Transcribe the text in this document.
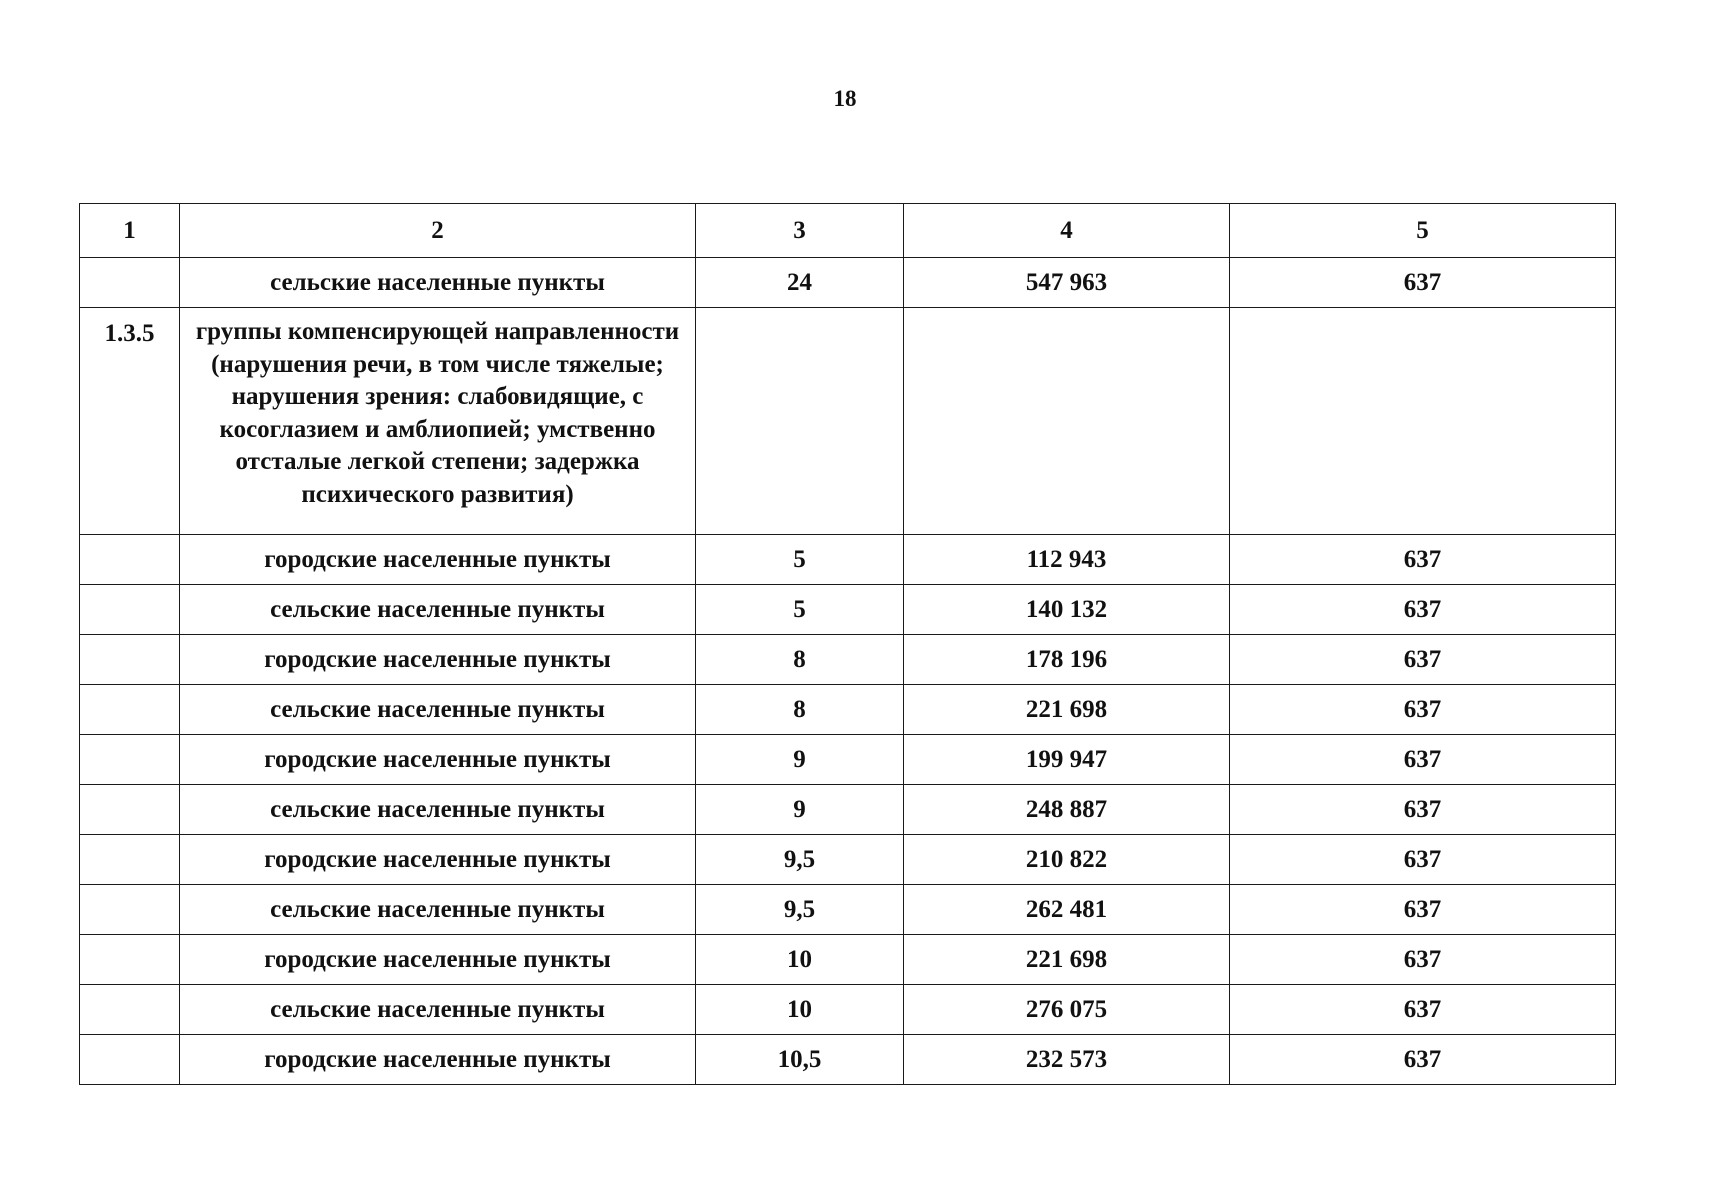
18
1	2	3	4	5
	сельские населенные пункты	24	547 963	637
1.3.5	группы компенсирующей направленности (нарушения речи, в том числе тяжелые; нарушения зрения: слабовидящие, с косоглазием и амблиопией; умственно отсталые легкой степени; задержка психического развития)			
	городские населенные пункты	5	112 943	637
	сельские населенные пункты	5	140 132	637
	городские населенные пункты	8	178 196	637
	сельские населенные пункты	8	221 698	637
	городские населенные пункты	9	199 947	637
	сельские населенные пункты	9	248 887	637
	городские населенные пункты	9,5	210 822	637
	сельские населенные пункты	9,5	262 481	637
	городские населенные пункты	10	221 698	637
	сельские населенные пункты	10	276 075	637
	городские населенные пункты	10,5	232 573	637
